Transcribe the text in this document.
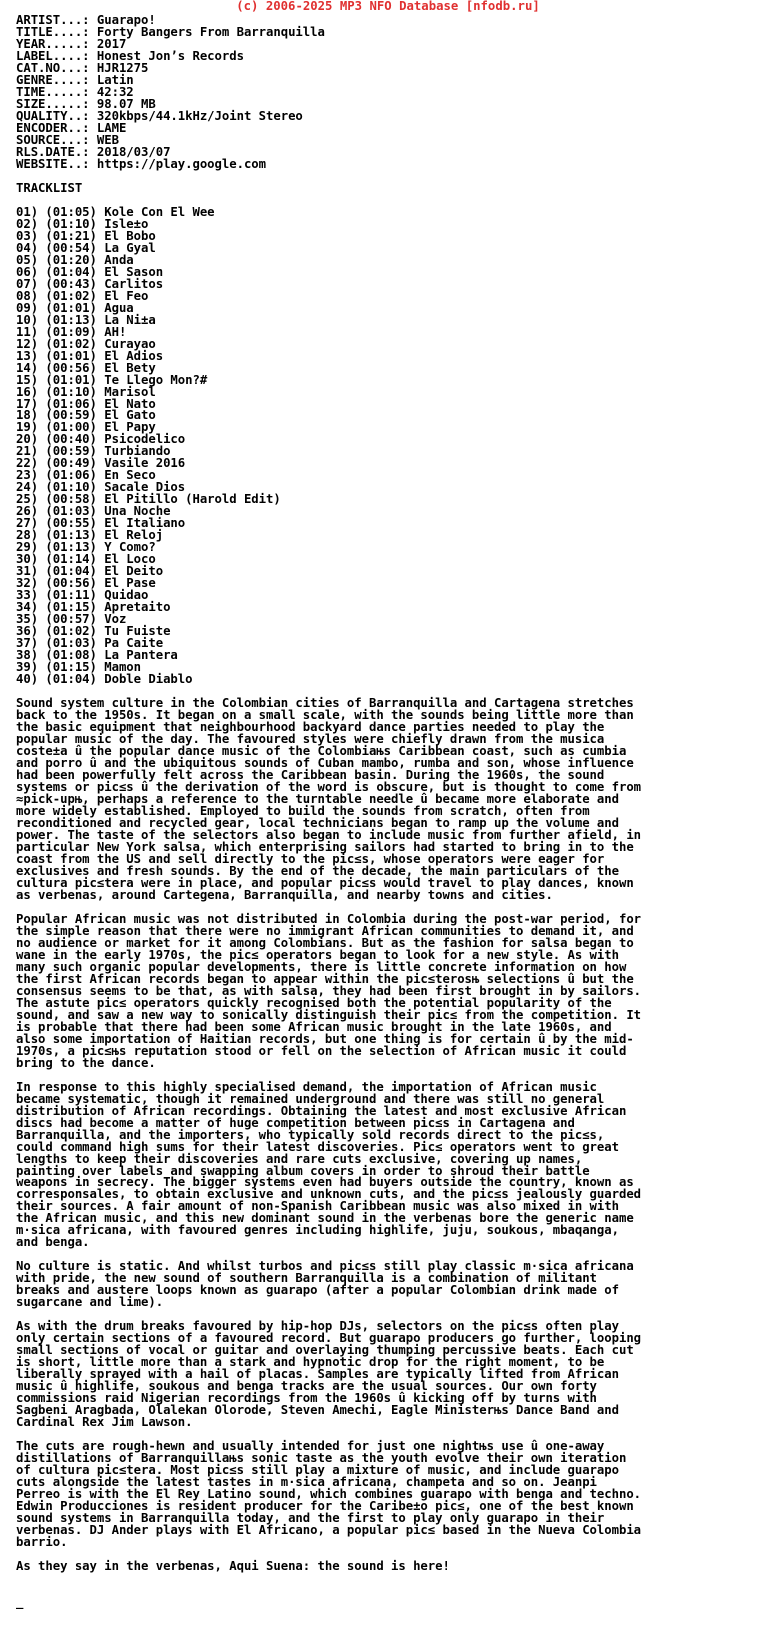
(c) 2006-2025 MP3 NFO Database [nfodb.ru]
ARTIST...: Guarapo!
TITLE....: Forty Bangers From Barranquilla
YEAR.....: 2017
LABEL....: Honest Jon’s Records
CAT.NO...: HJR1275
GENRE....: Latin
TIME.....: 42:32
SIZE.....: 98.07 MB
QUALITY..: 320kbps/44.1kHz/Joint Stereo
ENCODER..: LAME
SOURCE...: WEB
RLS.DATE.: 2018/03/07
WEBSITE..: https://play.google.com

TRACKLIST

01) (01:05) Kole Con El Wee
02) (01:10) Isle±o
03) (01:21) El Bobo
04) (00:54) La Gyal
05) (01:20) Anda
06) (01:04) El Sason
07) (00:43) Carlitos
08) (01:02) El Feo
09) (01:01) Agua
10) (01:13) La Ni±a
11) (01:09) AH!
12) (01:02) Curayao
13) (01:01) El Adios
14) (00:56) El Bety
15) (01:01) Te Llego Mon?#
16) (01:10) Marisol
17) (01:06) El Nato
18) (00:59) El Gato
19) (01:00) El Papy
20) (00:40) Psicodelico
21) (00:59) Turbiando
22) (00:49) Vasile 2016
23) (01:06) En Seco
24) (01:10) Sacale Dios
25) (00:58) El Pitillo (Harold Edit)
26) (01:03) Una Noche
27) (00:55) El Italiano
28) (01:13) El Reloj
29) (01:13) Y Como?
30) (01:14) El Loco
31) (01:04) El Deito
32) (00:56) El Pase
33) (01:11) Quidao
34) (01:15) Apretaito
35) (00:57) Voz
36) (01:02) Tu Fuiste
37) (01:03) Pa Caite
38) (01:08) La Pantera
39) (01:15) Mamon
40) (01:04) Doble Diablo

Sound system culture in the Colombian cities of Barranquilla and Cartagena stretches
back to the 1950s. It began on a small scale, with the sounds being little more than
the basic equipment that neighbourhood backyard dance parties needed to play the
popular music of the day. The favoured styles were chiefly drawn from the musica
coste±a û the popular dance music of the Colombiaњs Caribbean coast, such as cumbia
and porro û and the ubiquitous sounds of Cuban mambo, rumba and son, whose influence
had been powerfully felt across the Caribbean basin. During the 1960s, the sound
systems or pic≤s û the derivation of the word is obscure, but is thought to come from
≈pick-upњ, perhaps a reference to the turntable needle û became more elaborate and
more widely established. Employed to build the sounds from scratch, often from
reconditioned and recycled gear, local technicians began to ramp up the volume and
power. The taste of the selectors also began to include music from further afield, in
particular New York salsa, which enterprising sailors had started to bring in to the
coast from the US and sell directly to the pic≤s, whose operators were eager for
exclusives and fresh sounds. By the end of the decade, the main particulars of the
cultura pic≤tera were in place, and popular pic≤s would travel to play dances, known
as verbenas, around Cartegena, Barranquilla, and nearby towns and cities.

Popular African music was not distributed in Colombia during the post-war period, for
the simple reason that there were no immigrant African communities to demand it, and
no audience or market for it among Colombians. But as the fashion for salsa began to
wane in the early 1970s, the pic≤ operators began to look for a new style. As with
many such organic popular developments, there is little concrete information on how
the first African records began to appear within the pic≤terosњ selections û but the
consensus seems to be that, as with salsa, they had been first brought in by sailors.
The astute pic≤ operators quickly recognised both the potential popularity of the
sound, and saw a new way to sonically distinguish their pic≤ from the competition. It
is probable that there had been some African music brought in the late 1960s, and
also some importation of Haitian records, but one thing is for certain û by the mid-
1970s, a pic≤њs reputation stood or fell on the selection of African music it could
bring to the dance.

In response to this highly specialised demand, the importation of African music
became systematic, though it remained underground and there was still no general
distribution of African recordings. Obtaining the latest and most exclusive African
discs had become a matter of huge competition between pic≤s in Cartagena and
Barranquilla, and the importers, who typically sold records direct to the pic≤s,
could command high sums for their latest discoveries. Pic≤ operators went to great
lengths to keep their discoveries and rare cuts exclusive, covering up names,
painting over labels and swapping album covers in order to shroud their battle
weapons in secrecy. The bigger systems even had buyers outside the country, known as
corresponsales, to obtain exclusive and unknown cuts, and the pic≤s jealously guarded
their sources. A fair amount of non-Spanish Caribbean music was also mixed in with
the African music, and this new dominant sound in the verbenas bore the generic name
m·sica africana, with favoured genres including highlife, juju, soukous, mbaqanga,
and benga.

No culture is static. And whilst turbos and pic≤s still play classic m·sica africana
with pride, the new sound of southern Barranquilla is a combination of militant
breaks and austere loops known as guarapo (after a popular Colombian drink made of
sugarcane and lime).

As with the drum breaks favoured by hip-hop DJs, selectors on the pic≤s often play
only certain sections of a favoured record. But guarapo producers go further, looping
small sections of vocal or guitar and overlaying thumping percussive beats. Each cut
is short, little more than a stark and hypnotic drop for the right moment, to be
liberally sprayed with a hail of placas. Samples are typically lifted from African
music û highlife, soukous and benga tracks are the usual sources. Our own forty
commissions raid Nigerian recordings from the 1960s û kicking off by turns with
Sagbeni Aragbada, Olalekan Olorode, Steven Amechi, Eagle Ministerњs Dance Band and
Cardinal Rex Jim Lawson.

The cuts are rough-hewn and usually intended for just one nightњs use û one-away
distillations of Barranquillaњs sonic taste as the youth evolve their own iteration
of cultura pic≤tera. Most pic≤s still play a mixture of music, and include guarapo
cuts alongside the latest tastes in m·sica africana, champeta and so on. Jeanpi
Perreo is with the El Rey Latino sound, which combines guarapo with benga and techno.
Edwin Producciones is resident producer for the Caribe±o pic≤, one of the best known
sound systems in Barranquilla today, and the first to play only guarapo in their
verbenas. DJ Ander plays with El Africano, a popular pic≤ based in the Nueva Colombia
barrio.

As they say in the verbenas, Aqui Suena: the sound is here!

_
